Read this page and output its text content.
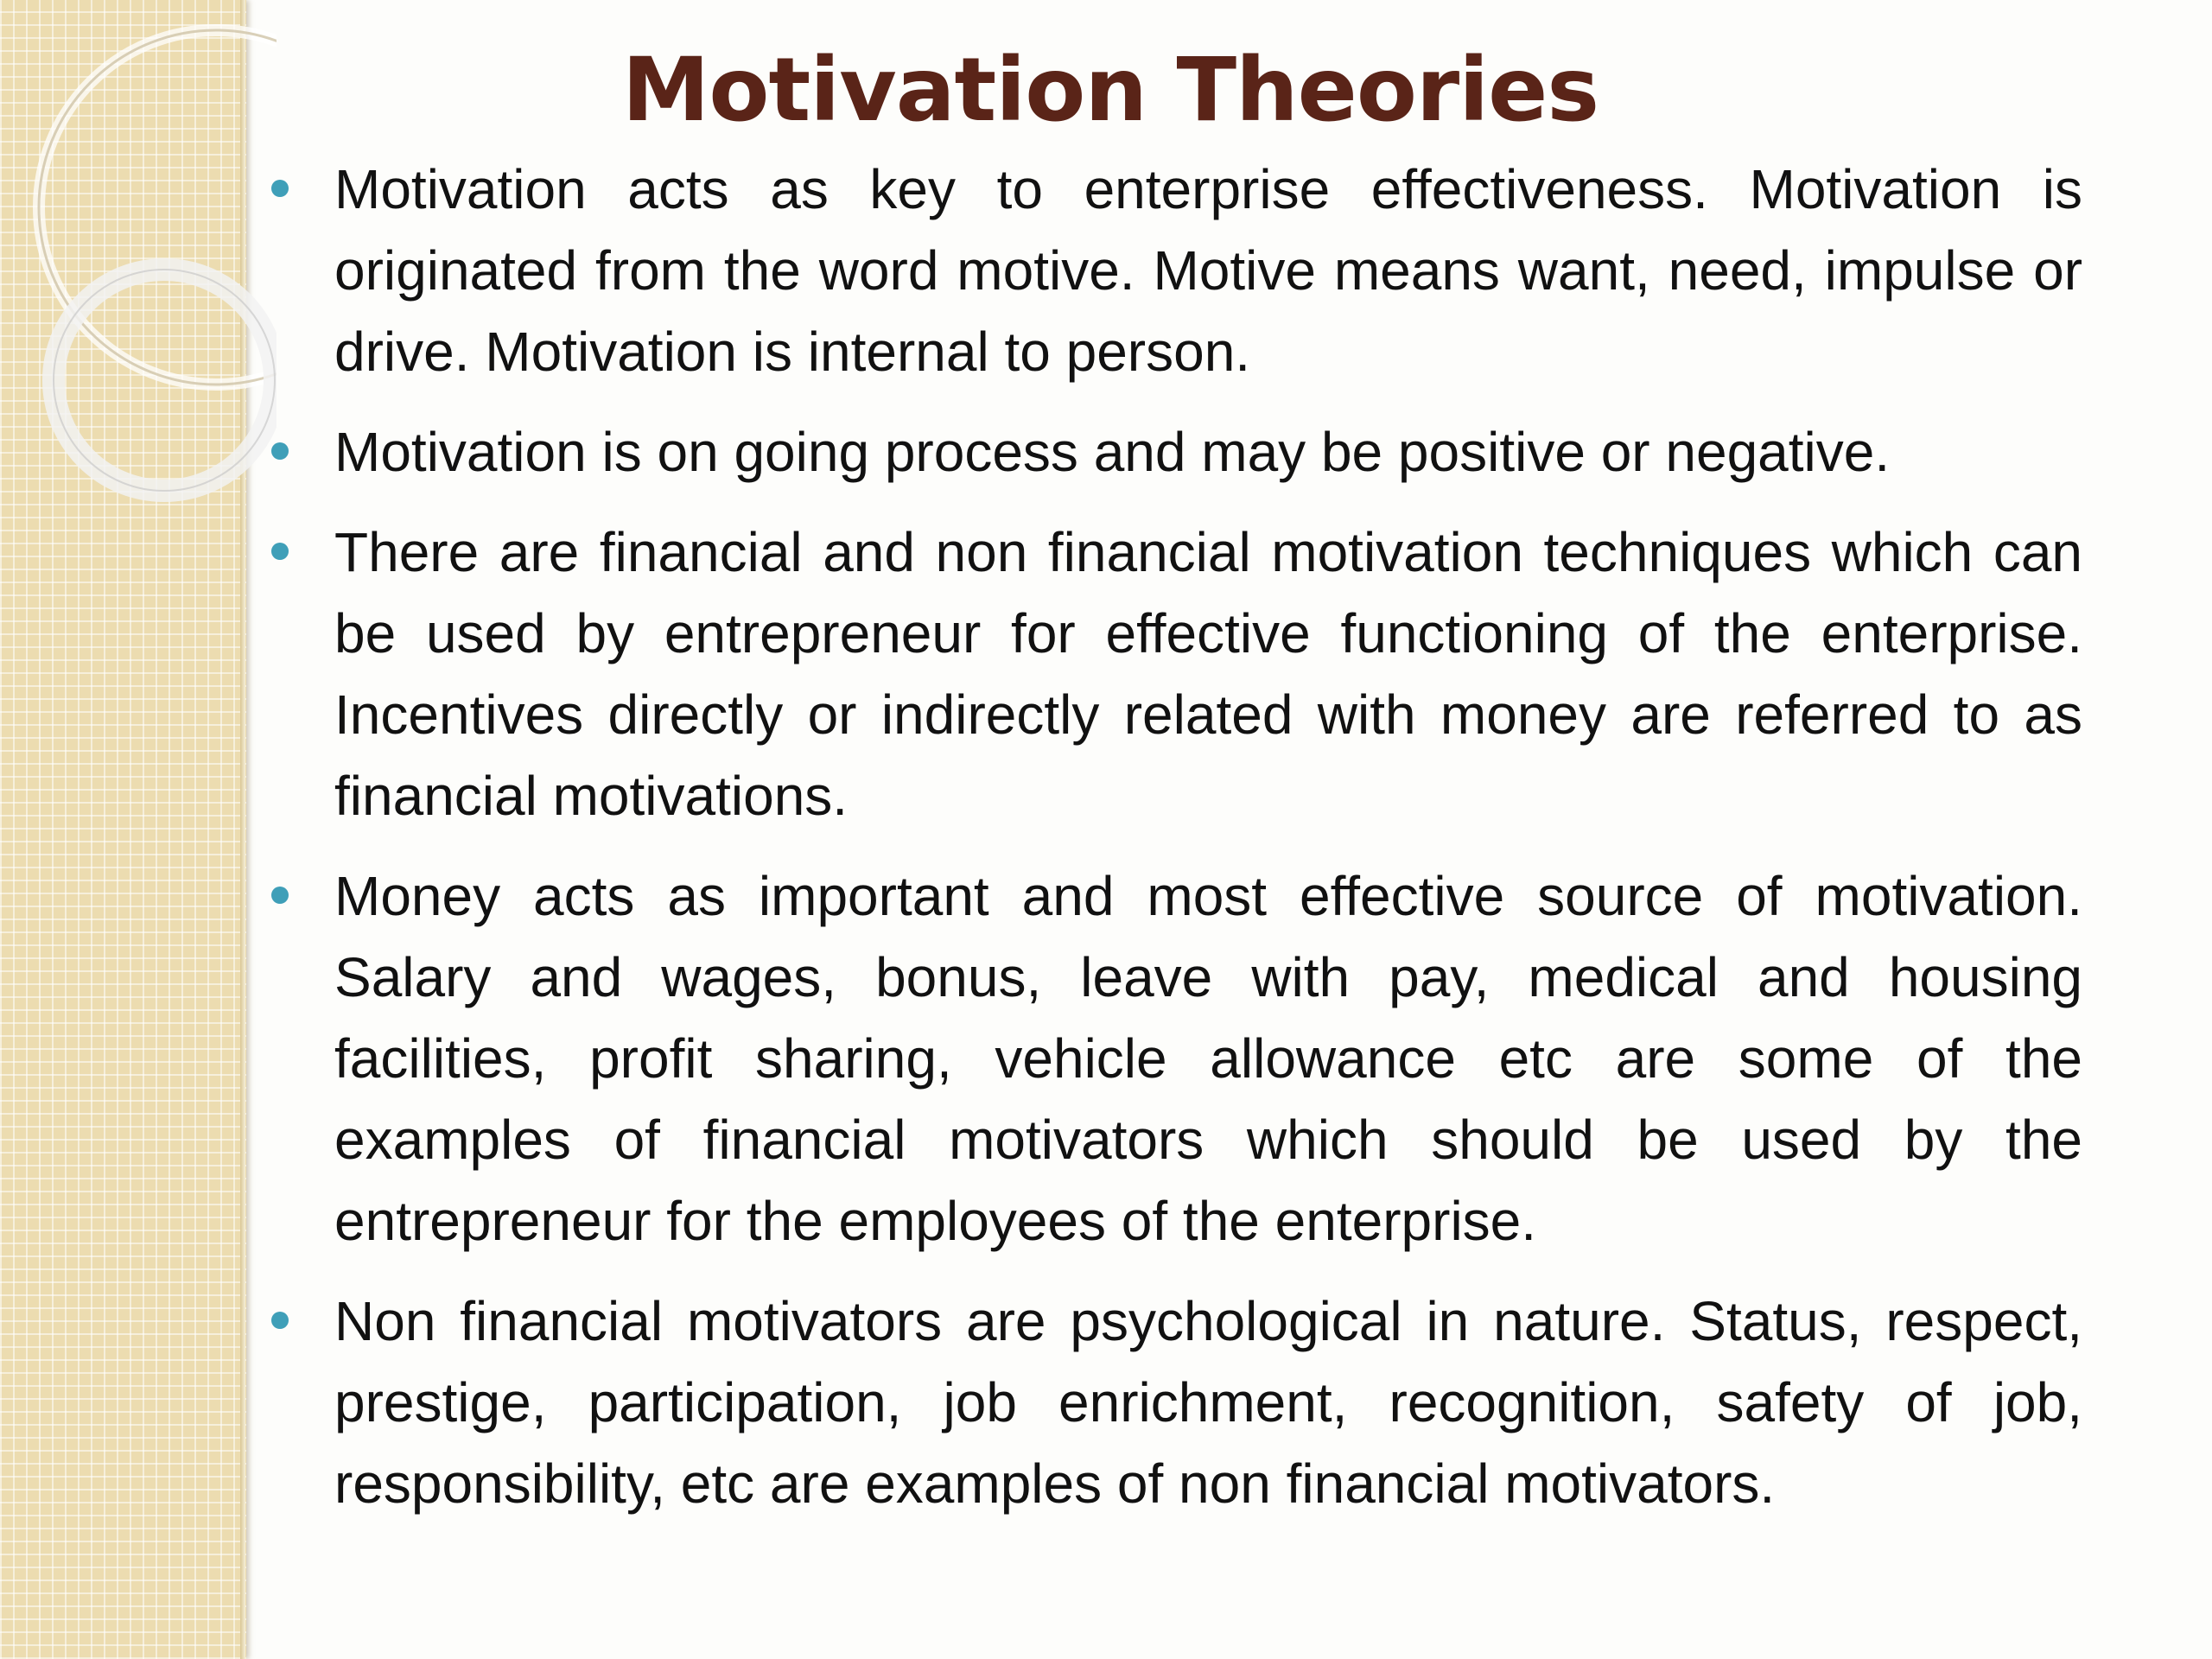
Motivation Theories
Motivation acts as key to enterprise effectiveness. Motivation is originated from the word motive. Motive means want, need, impulse or drive. Motivation is internal to person.
Motivation is on going process and may be positive or negative.
There are financial and non financial motivation techniques which can be used by entrepreneur for effective functioning of the enterprise. Incentives directly or indirectly related with money are referred to as financial motivations.
Money acts as important and most effective source of motivation. Salary and wages, bonus, leave with pay, medical and housing facilities, profit sharing, vehicle allowance etc are some of the examples of financial motivators which should be used by the entrepreneur for the employees of the enterprise.
Non financial motivators are psychological in nature. Status, respect, prestige, participation, job enrichment, recognition, safety of job, responsibility, etc are examples of non financial motivators.
